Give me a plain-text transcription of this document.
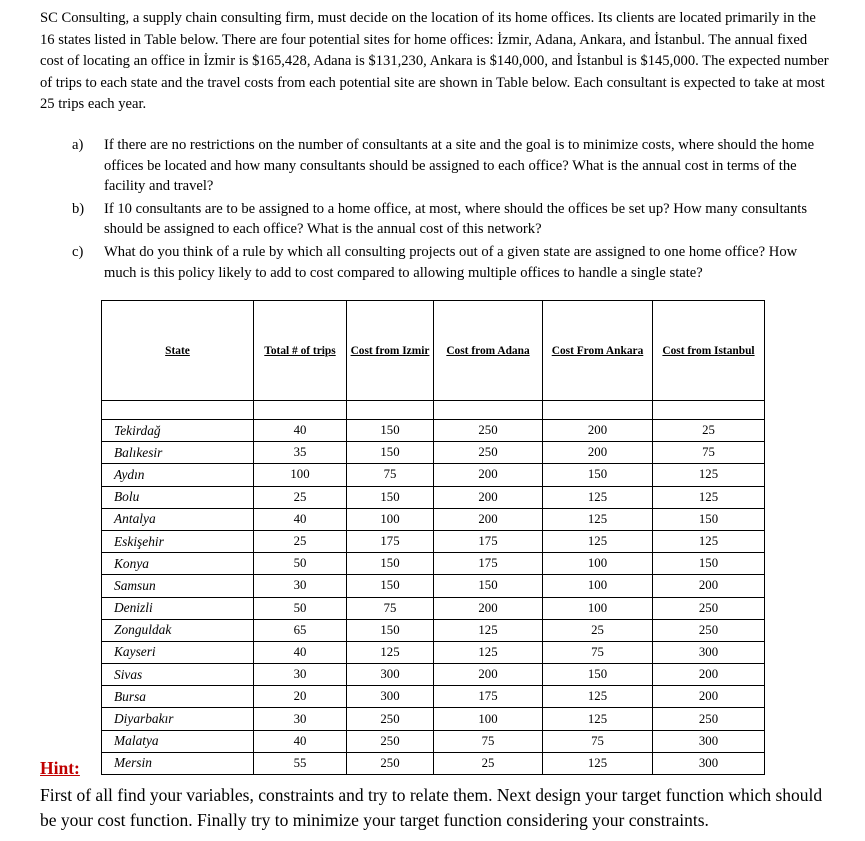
SC Consulting, a supply chain consulting firm, must decide on the location of its home offices. Its clients are located primarily in the 16 states listed in Table below. There are four potential sites for home offices: İzmir, Adana, Ankara, and İstanbul. The annual fixed cost of locating an office in İzmir is $165,428, Adana is $131,230, Ankara is $140,000, and İstanbul is $145,000. The expected number of trips to each state and the travel costs from each potential site are shown in Table below. Each consultant is expected to take at most 25 trips each year.

a) If there are no restrictions on the number of consultants at a site and the goal is to minimize costs, where should the home offices be located and how many consultants should be assigned to each office? What is the annual cost in terms of the facility and travel?
b) If 10 consultants are to be assigned to a home office, at most, where should the offices be set up? How many consultants should be assigned to each office? What is the annual cost of this network?
c) What do you think of a rule by which all consulting projects out of a given state are assigned to one home office? How much is this policy likely to add to cost compared to allowing multiple offices to handle a single state?
State	Total # of trips	Cost from Izmir	Cost from Adana	Cost From Ankara	Cost from Istanbul

Tekirdağ	40	150	250	200	25
Balıkesir	35	150	250	200	75
Aydın	100	75	200	150	125
Bolu	25	150	200	125	125
Antalya	40	100	200	125	150
Eskişehir	25	175	175	125	125
Konya	50	150	175	100	150
Samsun	30	150	150	100	200
Denizli	50	75	200	100	250
Zonguldak	65	150	125	25	250
Kayseri	40	125	125	75	300
Sivas	30	300	200	150	200
Bursa	20	300	175	125	200
Diyarbakır	30	250	100	125	250
Malatya	40	250	75	75	300
Mersin	55	250	25	125	300
Hint:

First of all find your variables, constraints and try to relate them. Next design your target function which should be your cost function. Finally try to minimize your target function considering your constraints.
